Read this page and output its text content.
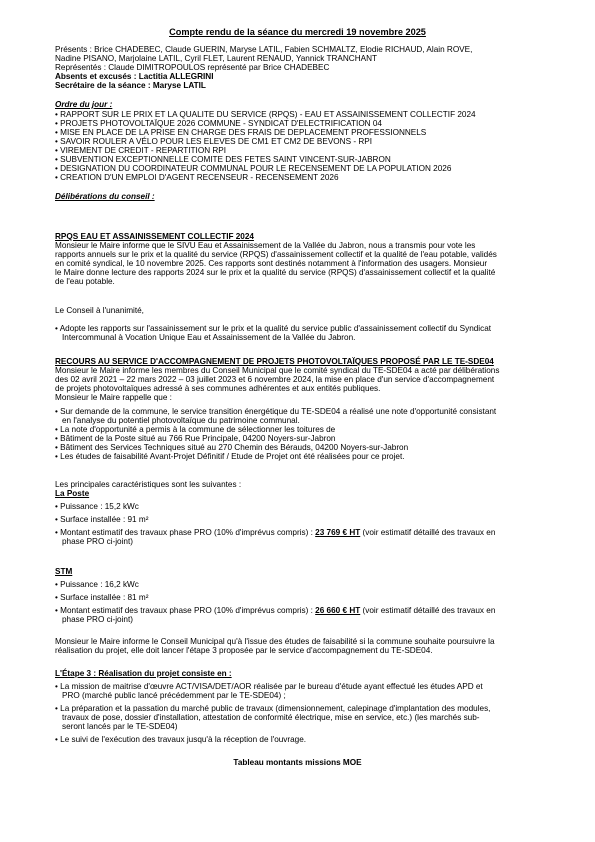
Compte rendu de la séance du mercredi 19 novembre 2025
Présents : Brice CHADEBEC, Claude GUERIN, Maryse LATIL, Fabien SCHMALTZ, Elodie RICHAUD, Alain ROVE,
Nadine PISANO, Marjolaine LATIL, Cyril FLET, Laurent RENAUD, Yannick TRANCHANT
Représentés : Claude DIMITROPOULOS représenté par Brice CHADEBEC
Absents et excusés : Lactitia ALLEGRINI
Secrétaire de la séance : Maryse LATIL
Ordre du jour :
• RAPPORT SUR LE PRIX ET LA QUALITE DU SERVICE (RPQS) - EAU ET ASSAINISSEMENT COLLECTIF 2024
• PROJETS PHOTOVOLTAÏQUE 2026 COMMUNE - SYNDICAT D'ELECTRIFICATION 04
• MISE EN PLACE DE LA PRISE EN CHARGE DES FRAIS DE DEPLACEMENT PROFESSIONNELS
• SAVOIR ROULER A VÉLO POUR LES ELEVES DE CM1 ET CM2 DE BEVONS - RPI
• VIREMENT DE CREDIT - REPARTITION RPI
• SUBVENTION EXCEPTIONNELLE COMITE DES FETES SAINT VINCENT-SUR-JABRON
• DESIGNATION DU COORDINATEUR COMMUNAL POUR LE RECENSEMENT DE LA POPULATION 2026
• CREATION D'UN EMPLOI D'AGENT RECENSEUR - RECENSEMENT 2026
Délibérations du conseil :
RPQS EAU ET ASSAINISSEMENT COLLECTIF 2024
Monsieur le Maire informe que le SIVU Eau et Assainissement de la Vallée du Jabron, nous a transmis pour vote les
rapports annuels sur le prix et la qualité du service (RPQS) d'assainissement collectif et la qualité de l'eau potable, validés
en comité syndical, le 10 novembre 2025. Ces rapports sont destinés notamment à l'information des usagers. Monsieur
le Maire donne lecture des rapports 2024 sur le prix et la qualité du service (RPQS) d'assainissement collectif et la qualité
de l'eau potable.
Le Conseil à l'unanimité,
• Adopte les rapports sur l'assainissement sur le prix et la qualité du service public d'assainissement collectif du Syndicat
Intercommunal à Vocation Unique Eau et Assainissement de la Vallée du Jabron.
RECOURS AU SERVICE D'ACCOMPAGNEMENT DE PROJETS PHOTOVOLTAÏQUES PROPOSÉ PAR LE TE-SDE04
Monsieur le Maire informe les membres du Conseil Municipal que le comité syndical du TE-SDE04 a acté par délibérations
des 02 avril 2021 – 22 mars 2022 – 03 juillet 2023 et 6 novembre 2024, la mise en place d'un service d'accompagnement
de projets photovoltaïques adressé à ses communes adhérentes et aux entités publiques.
Monsieur le Maire rappelle que :
• Sur demande de la commune, le service transition énergétique du TE-SDE04 a réalisé une note d'opportunité consistant
en l'analyse du potentiel photovoltaïque du patrimoine communal.
• La note d'opportunité a permis à la commune de sélectionner les toitures de
• Bâtiment de la Poste situé au 766 Rue Principale, 04200 Noyers-sur-Jabron
• Bâtiment des Services Techniques situé au 270 Chemin des Bérauds, 04200 Noyers-sur-Jabron
• Les études de faisabilité Avant-Projet Définitif / Etude de Projet ont été réalisées pour ce projet.
Les principales caractéristiques sont les suivantes :
La Poste
• Puissance : 15,2 kWc
• Surface installée : 91 m²
• Montant estimatif des travaux phase PRO (10% d'imprévus compris) : 23 769 € HT (voir estimatif détaillé des travaux en
phase PRO ci-joint)
STM
• Puissance : 16,2 kWc
• Surface installée : 81 m²
• Montant estimatif des travaux phase PRO (10% d'imprévus compris) : 26 660 € HT (voir estimatif détaillé des travaux en
phase PRO ci-joint)
Monsieur le Maire informe le Conseil Municipal qu'à l'issue des études de faisabilité si la commune souhaite poursuivre la
réalisation du projet, elle doit lancer l'étape 3 proposée par le service d'accompagnement du TE-SDE04.
L'Étape 3 : Réalisation du projet consiste en :
• La mission de maitrise d'œuvre ACT/VISA/DET/AOR réalisée par le bureau d'étude ayant effectué les études APD et
PRO (marché public lancé précédemment par le TE-SDE04) ;
• La préparation et la passation du marché public de travaux (dimensionnement, calepinage d'implantation des modules,
travaux de pose, dossier d'installation, attestation de conformité électrique, mise en service, etc.) (les marchés sub-
seront lancés par le TE-SDE04)
• Le suivi de l'exécution des travaux jusqu'à la réception de l'ouvrage.
Tableau montants missions MOE
